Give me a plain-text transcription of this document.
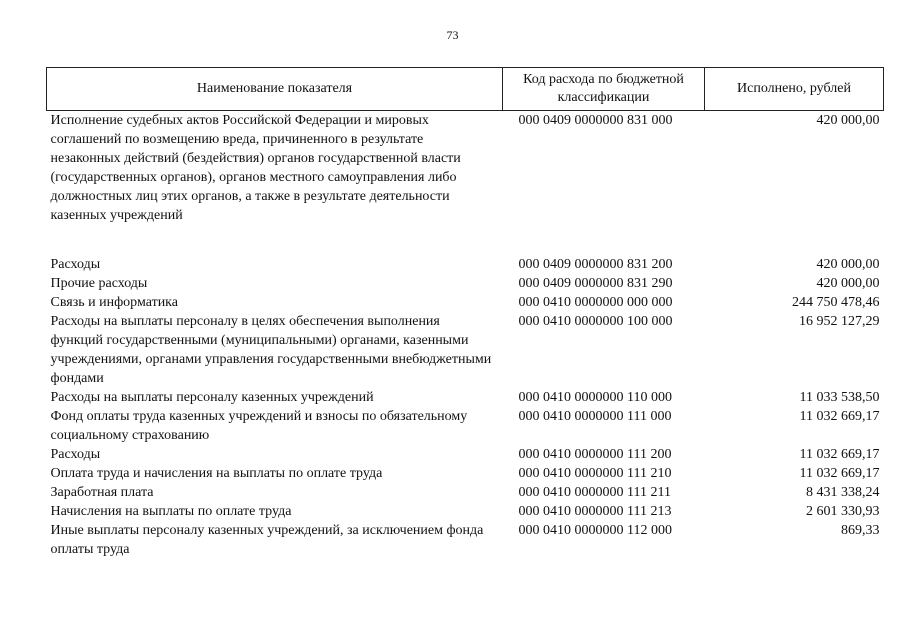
73
Наименование показателя	Код расхода по бюджетной классификации	Исполнено, рублей
Исполнение судебных актов Российской Федерации и мировых соглашений по возмещению вреда, причиненного в результате незаконных действий (бездействия) органов государственной власти (государственных органов), органов местного самоуправления либо должностных лиц этих органов, а также в результате деятельности казенных учреждений	000 0409 0000000 831 000	420 000,00
Расходы	000 0409 0000000 831 200	420 000,00
Прочие расходы	000 0409 0000000 831 290	420 000,00
Связь и информатика	000 0410 0000000 000 000	244 750 478,46
Расходы на выплаты персоналу в целях обеспечения выполнения функций государственными (муниципальными) органами, казенными учреждениями, органами управления государственными внебюджетными фондами	000 0410 0000000 100 000	16 952 127,29
Расходы на выплаты персоналу казенных учреждений	000 0410 0000000 110 000	11 033 538,50
Фонд оплаты труда казенных учреждений и взносы по обязательному социальному страхованию	000 0410 0000000 111 000	11 032 669,17
Расходы	000 0410 0000000 111 200	11 032 669,17
Оплата труда и начисления на выплаты по оплате труда	000 0410 0000000 111 210	11 032 669,17
Заработная плата	000 0410 0000000 111 211	8 431 338,24
Начисления на выплаты по оплате труда	000 0410 0000000 111 213	2 601 330,93
Иные выплаты персоналу казенных учреждений, за исключением фонда оплаты труда	000 0410 0000000 112 000	869,33
